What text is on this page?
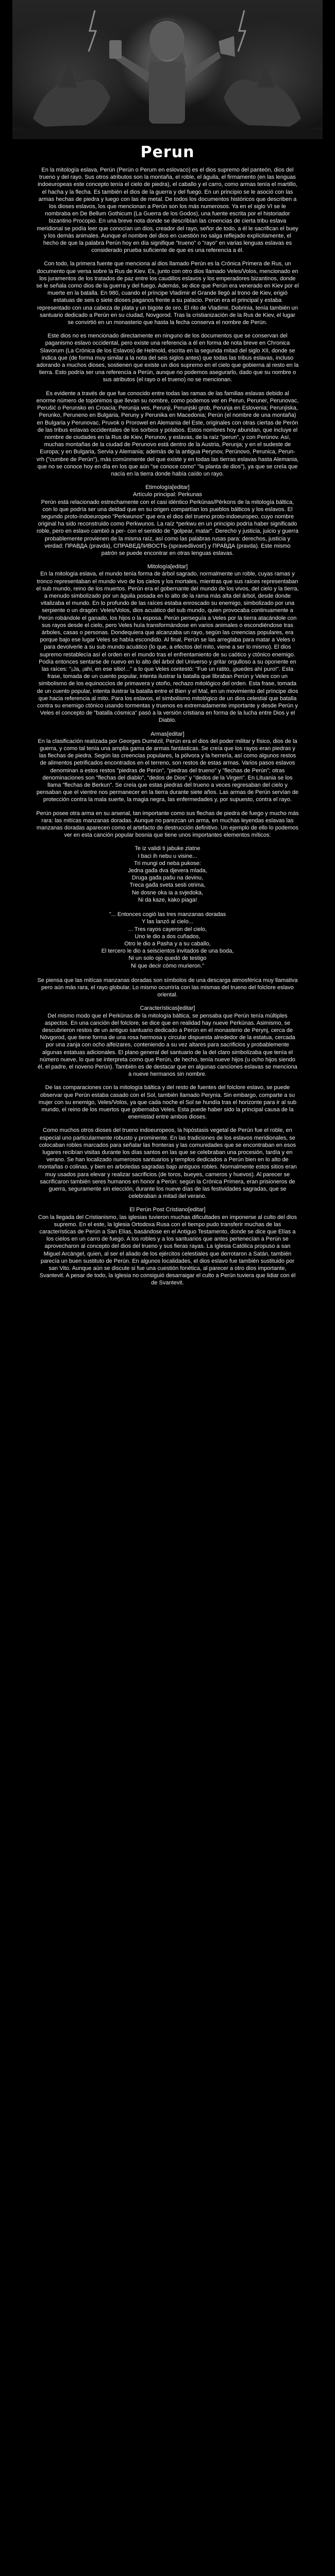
Perun

En la mitología eslava, Perún (Perún o Perum en eslovaco) es el dios supremo del panteón, dios del trueno y del rayo. Sus otros atributos son la montaña, el roble, el águila, el firmamento (en las lenguas indoeuropeas este concepto tenía el cielo de piedra), el caballo y el carro, como armas tenía el martillo, el hacha y la flecha. Es también el dios de la guerra y del fuego. En un principio se le asoció con las armas hechas de piedra y luego con las de metal. De todos los documentos históricos que describen a los dioses eslavos, los que mencionan a Perún son los más numerosos. Ya en el siglo VI se le nombraba en De Bellum Gothicum (La Guerra de los Godos), una fuente escrita por el historiador bizantino Procopio. En una breve nota donde se describían las creencias de cierta tribu eslava meridional se podía leer que conocían un dios, creador del rayo, señor de todo, a él le sacrifican el buey y los demás animales. Aunque el nombre del dios en cuestión no salga reflejado explícitamente, el hecho de que la palabra Perún hoy en día signifique "trueno" o "rayo" en varias lenguas eslavas es considerado prueba suficiente de que es una referencia a él.

Con todo, la primera fuente que menciona al dios llamado Perún es la Crónica Primera de Rus, un documento que versa sobre la Rus de Kiev. Es, junto con otro dios llamado Veles/Volos, mencionado en los juramentos de los tratados de paz entre los caudillos eslavos y los emperadores bizantinos, donde se le señala como dios de la guerra y del fuego. Además, se dice que Perún era venerado en Kiev por el muerte en la batalla. En 980, cuando el príncipe Vladimir el Grande llegó al trono de Kiev, erigió estatuas de seis o siete dioses paganos frente a su palacio. Perún era el principal y estaba representado con una cabeza de plata y un bigote de oro. El rito de Vladimir, Dobrinia, tenía también un santuario dedicado a Perún en su ciudad, Novgorod. Tras la cristianización de la Rus de Kiev, el lugar se convirtió en un monasterio que hasta la fecha conserva el nombre de Perún.

Este dios no es mencionado directamente en ninguno de los documentos que se conservan del paganismo eslavo occidental, pero existe una referencia a él en forma de nota breve en Chronica Slavorum (La Crónica de los Eslavos) de Helmold, escrita en la segunda mitad del siglo XII, donde se indica que (de forma muy similar a la nota del seis siglos antes) que todas las tribus eslavas, incluso adorando a muchos dioses, sostienen que existe un dios supremo en el cielo que gobierna al resto en la tierra. Esto podría ser una referencia a Perún, aunque no podemos asegurarlo, dado que su nombre o sus atributos (el rayo o el trueno) no se mencionan.

Es evidente a través de que fue conocido entre todas las ramas de las familias eslavas debido al enorme número de topónimos que llevan su nombre, como podemos ver en Perun, Peruner, Perunovac, Perušić o Perunsko en Croacia; Perunija ves, Perunji, Perunjski grob, Perunja en Eslovenia; Perunjiska, Perunko, Peruneno en Bulgaria, Peruny y Perunika en Macedonia; Perún (el nombre de una montaña) en Bulgaria y Perunovac, Pruvok o Prorowel en Alemania del Este, originales con otras ciertas de Perón de las tribus eslavas occidentales de los sorbios y polabos. Estos nombres hoy abundan, que incluye el nombre de ciudades en la Rus de Kiev, Perunov, y eslavas, de la raíz "perun", y con Perúnov. Así, muchas montañas de la ciudad de Perunovo está dentro de la Austria, Perunja; y en el sudeste de Europa; y en Bulgaria, Servia y Alemania; además de la antigua Perynov, Perúnovo, Perunica, Perun-vrh ("cumbre de Perún"), más comúnmente del que existe y en todas las tierras eslavas hasta Alemania, que no se conoce hoy en día en los que aún "se conoce como" "la planta de dios"), ya que se creía que nacía en la tierra donde había caído un rayo.

Etimología[editar]
Artículo principal: Perkunas

Perún está relacionado estrechamente con el casi idéntico Perkūnas/Pērkons de la mitología báltica, con lo que podría ser una deidad que en su origen compartían los pueblos bálticos y los eslavos. El segundo proto-indoeuropeo "Perkwunos" que era el dios del trueno proto-indoeuropeo, cuyo nombre original ha sido reconstruido como Perkwunos. La raíz *perkwu en un principio podría haber significado roble, pero en eslavo cambió a per- con el sentido de "golpear, matar". Derecho y justicia, juicio y guerra probablemente provienen de la misma raíz, así como las palabras rusas para: derechos, justicia y verdad: ПРАВДА (pravda), СПРАВЕДЛИВОСТЬ (spravedlivost') y ПРАВДА (pravda). Este mismo patrón se puede encontrar en otras lenguas eslavas.

Mitología[editar]

En la mitología eslava, el mundo tenía forma de árbol sagrado, normalmente un roble, cuyas ramas y tronco representaban el mundo vivo de los cielos y los mortales, mientras que sus raíces representaban el sub mundo, reino de los muertos. Perún era el gobernante del mundo de los vivos, del cielo y la tierra, a menudo simbolizado por un águila posada en lo alto de la rama más alta del árbol, desde donde vitalizaba el mundo. En lo profundo de las raíces estaba enroscado su enemigo, simbolizado por una serpiente o un dragón: Veles/Volos, dios acuático del sub mundo, quien provocaba continuamente a Perún robándole el ganado, los hijos o la esposa. Perún perseguía a Veles por la tierra atacándole con sus rayos desde el cielo, pero Veles huía transformándose en varios animales o escondiéndose tras árboles, casas o personas. Dondequiera que alcanzaba un rayo, según las creencias populares, era porque bajo ese lugar Veles se había escondido. Al final, Perún se las arreglaba para matar a Veles o para devolverle a su sub mundo acuático (lo que, a efectos del mito, viene a ser lo mismo). El dios supremo restablecía así el orden en el mundo tras el enfrentamiento de su caótico y ctónico enemigo. Podía entonces sentarse de nuevo en lo alto del árbol del Universo y gritar orgulloso a su oponente en las raíces: "¡Ja, ¡ahí, en ese sitio!..." a lo que Veles contestó: "Fue un ratito, ¡puedes ahí puro!". Esta frase, tomada de un cuento popular, intenta ilustrar la batalla que libraban Perún y Veles con un simbolismo de los equinoccios de primavera y otoño, rechazo mitológico del orden. Esta frase, tomada de un cuento popular, intenta ilustrar la batalla entre el Bien y el Mal, en un movimiento del príncipe dios que hacia referencia al mito. Para los eslavos, el simbolismo mitológico de un dios celestial que batalla contra su enemigo ctónico usando tormentas y truenos es extremadamente importante y desde Perún y Veles el concepto de "batalla cósmica" pasó a la versión cristiana en forma de la lucha entre Dios y el Diablo.

Armas[editar]

En la clasificación realizada por Georges Dumézil, Perún era el dios del poder militar y físico, dios de la guerra, y como tal tenía una amplia gama de armas fantásticas. Se creía que los rayos eran piedras y las flechas de piedra. Según las creencias populares, la pólvora y la herrería, así como algunos restos de alimentos petrificados encontrados en el terreno, son restos de estas armas. Varios pasos eslavos denominan a estos restos "piedras de Perún", "piedras del trueno" y "flechas de Perún"; otras denominaciones son "flechas del diablo", "dedos de Dios" y "dedos de la Virgen". En Lituania se los llama "flechas de Berkun". Se creía que estas piedras del trueno a veces regresaban del cielo y pensaban que el vientre nos permanecer en la tierra durante siete años. Las armas de Perún servían de protección contra la mala suerte, la magia negra, las enfermedades y, por supuesto, contra el rayo.

Perún posee otra arma en su arsenal, tan importante como sus flechas de piedra de fuego y mucho más rara: las mitícas manzanas doradas. Aunque no parezcan un arma, en muchas leyendas eslavas las manzanas doradas aparecen como el artefacto de destrucción definitivo. Un ejemplo de ello lo podemos ver en esta canción popular bosnia que tiene unos importantes elementos míticos:

Te iz validi ti jabuke zlatne
I baci ih nebu u visine...
Tri mungi od neba pukose:
Jedna gađa dva djevera mlada,
Druga gađa pašu na devinu,
Treca gađa sveta sesti otrima,
Ne dosne oka ia a svjedoka,
Ni da kaze, kako piaga!
"... Entonces cogió las tres manzanas doradas
Y las lanzó al cielo...
... Tres rayos cayeron del cielo,
Uno le dio a dos cuñados,
Otro le dio a Pasha y a su caballo,
El tercero le dio a seiscientos invitados de una boda,
Ni un solo ojo quedó de testigo
Ni que decir cómo murieron."

Se piensa que las mitícas manzanas doradas son símbolos de una descarga atmosférica muy llamativa pero aún más rara, el rayo globular. Lo mismo ocurriría con las mismas del trueno del folclore eslavo oriental.

Características[editar]

Del mismo modo que el Perkūnas de la mitología báltica, se pensaba que Perún tenía múltiples aspectos. En una canción del folclore, se dice que en realidad hay nueve Perkūnas. Asimismo, se descubrieron restos de un antiguo santuario dedicado a Perún en el monasterio de Perynj, cerca de Nóvgorod, que tiene forma de una rosa hermosa y circular dispuesta alrededor de la estatua, cercada por una zanja con ocho alfeizares, conteniendo a su vez altares para sacrificios y probablemente algunas estatuas adicionales. El plano general del santuario de la del claro simbolizaba que tenía el número nueve, lo que se interpreta como que Perún, de hecho, tenía nueve hijos (u ocho hijos siendo él, el padre, el noveno Perún). También es de destacar que en algunas canciones eslavas se menciona a nueve hermanos sin nombre.

De las comparaciones con la mitología báltica y del resto de fuentes del folclore eslavo, se puede observar que Perún estaba casado con el Sol, también llamado Perynia. Sin embargo, comparte a su mujer con su enemigo, Veles/Volos, ya que cada noche el Sol se hundía tras el horizonte para ir al sub mundo, el reino de los muertos que gobernaba Veles. Esta puede haber sido la principal causa de la enemistad entre ambos dioses.

Como muchos otros dioses del trueno indoeuropeos, la hipóstasis vegetal de Perún fue el roble, en especial uno particularmente robusto y prominente. En las tradiciones de los eslavos meridionales, se colocaban robles marcados para señalar las fronteras y las comunidades que se encontraban en esos lugares recibían visitas durante los días santos en las que se celebraban una procesión, tardía y en verano. Se han localizado numerosos santuarios y templos dedicados a Perún bien en lo alto de montañas o colinas, y bien en arboledas sagradas bajo antiguos robles. Normalmente estos sitios eran muy usados para elevar y realizar sacrificios (de toros, bueyes, carneros y huevos). Al parecer se sacrificaron también seres humanos en honor a Perún: según la Crónica Primera, eran prisioneros de guerra, seguramente sin elección, durante los nueve días de las festividades sagradas, que se celebraban a mitad del verano.

El Perún Post Cristiano[editar]

Con la llegada del Cristianismo, las iglesias tuvieron muchas dificultades en imponerse al culto del dios supremo. En el este, la Iglesia Ortodoxa Rusa con el tiempo pudo transferir muchas de las características de Perún a San Elías, basándose en el Antiguo Testamento, donde se dice que Elías a los cielos en un carro de fuego. A los robles y a los santuarios que antes pertenecían a Perún se aprovecharon al concepto del dios del trueno y sus fieras rayas. La Iglesia Católica propuso a san Miguel Arcángel, quien, al ser el aliado de los ejércitos celestiales que derrotaron a Satán, también parecía un buen sustituto de Perún. En algunos localidades, el dios eslavo fue también sustituido por san Vito. Aunque aún se discute si fue una cuestión fonética, al parecer a otro dios importante, Svantevit. A pesar de todo, la Iglesia no consiguió desarraigar el culto a Perún tuviera que lidiar con él de Svantevit.
